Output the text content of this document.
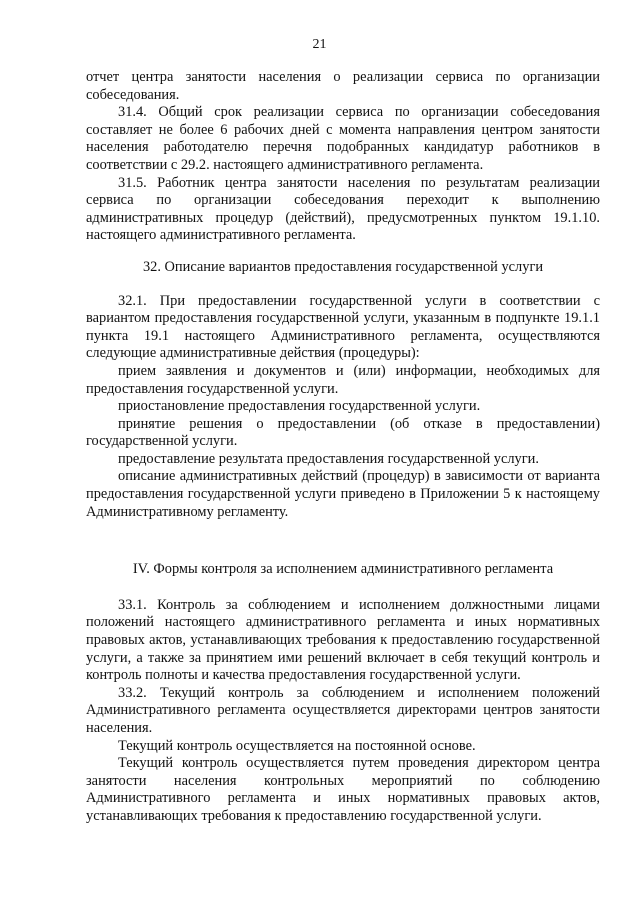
21

отчет центра занятости населения о реализации сервиса по организации собеседования.

31.4. Общий срок реализации сервиса по организации собеседования составляет не более 6 рабочих дней с момента направления центром занятости населения работодателю перечня подобранных кандидатур работников в соответствии с 29.2. настоящего административного регламента.

31.5. Работник центра занятости населения по результатам реализации сервиса по организации собеседования переходит к выполнению административных процедур (действий), предусмотренных пунктом 19.1.10. настоящего административного регламента.

32. Описание вариантов предоставления государственной услуги

32.1. При предоставлении государственной услуги в соответствии с вариантом предоставления государственной услуги, указанным в подпункте 19.1.1 пункта 19.1 настоящего Административного регламента, осуществляются следующие административные действия (процедуры):

прием заявления и документов и (или) информации, необходимых для предоставления государственной услуги.

приостановление предоставления государственной услуги.

принятие решения о предоставлении (об отказе в предоставлении) государственной услуги.

предоставление результата предоставления государственной услуги.

описание административных действий (процедур) в зависимости от варианта предоставления государственной услуги приведено в Приложении 5 к настоящему Административному регламенту.

IV. Формы контроля за исполнением административного регламента

33.1. Контроль за соблюдением и исполнением должностными лицами положений настоящего административного регламента и иных нормативных правовых актов, устанавливающих требования к предоставлению государственной услуги, а также за принятием ими решений включает в себя текущий контроль и контроль полноты и качества предоставления государственной услуги.

33.2. Текущий контроль за соблюдением и исполнением положений Административного регламента осуществляется директорами центров занятости населения.

Текущий контроль осуществляется на постоянной основе.

Текущий контроль осуществляется путем проведения директором центра занятости населения контрольных мероприятий по соблюдению Административного регламента и иных нормативных правовых актов, устанавливающих требования к предоставлению государственной услуги.
